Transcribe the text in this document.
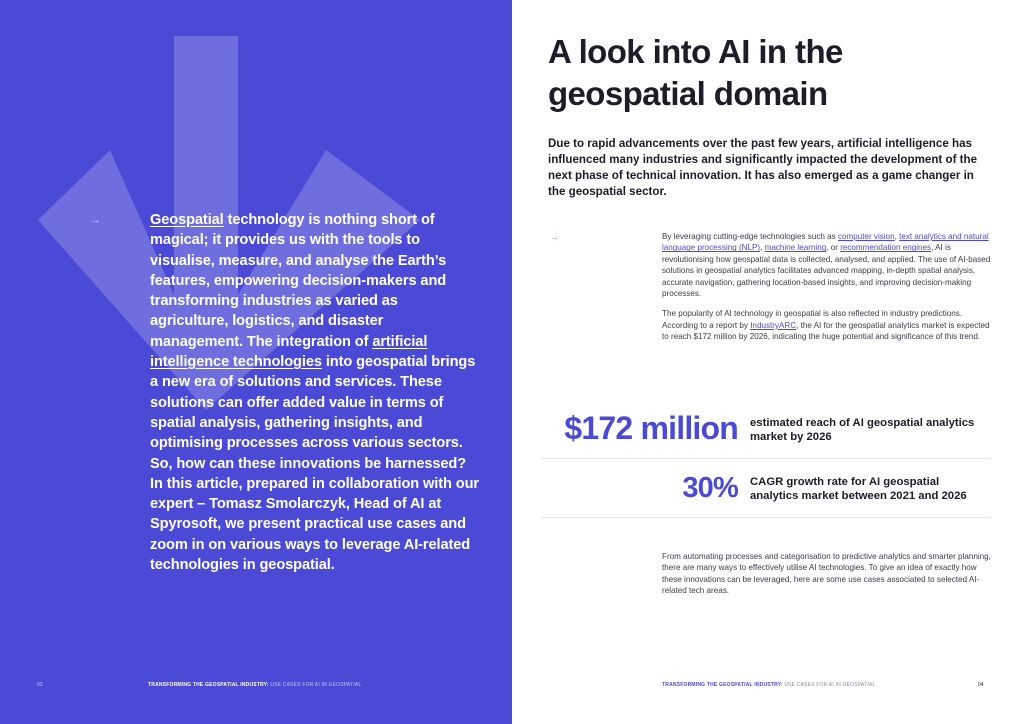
→	Geospatial technology is nothing short of magical; it provides us with the tools to visualise, measure, and analyse the Earth’s features, empowering decision-makers and transforming industries as varied as agriculture, logistics, and disaster management. The integration of artificial intelligence technologies into geospatial brings a new era of solutions and services. These solutions can offer added value in terms of spatial analysis, gathering insights, and optimising processes across various sectors. So, how can these innovations be harnessed?

In this article, prepared in collaboration with our expert – Tomasz Smolarczyk, Head of AI at Spyrosoft, we present practical use cases and zoom in on various ways to leverage AI-related technologies in geospatial.

03	TRANSFORMING THE GEOSPATIAL INDUSTRY: USE CASES FOR AI IN GEOSPATIAL
A look into AI in the geospatial domain

Due to rapid advancements over the past few years, artificial intelligence has influenced many industries and significantly impacted the development of the next phase of technical innovation. It has also emerged as a game changer in the geospatial sector.

→	By leveraging cutting-edge technologies such as computer vision, text analytics and natural language processing (NLP), machine learning, or recommendation engines, AI is revolutionising how geospatial data is collected, analysed, and applied. The use of AI-based solutions in geospatial analytics facilitates advanced mapping, in-depth spatial analysis, accurate navigation, gathering location-based insights, and improving decision-making processes.

The popularity of AI technology in geospatial is also reflected in industry predictions. According to a report by IndustryARC, the AI for the geospatial analytics market is expected to reach $172 million by 2026, indicating the huge potential and significance of this trend.

$172 million estimated reach of AI geospatial analytics market by 2026
30% CAGR growth rate for AI geospatial analytics market between 2021 and 2026

From automating processes and categorisation to predictive analytics and smarter planning, there are many ways to effectively utilise AI technologies. To give an idea of exactly how these innovations can be leveraged, here are some use cases associated to selected AI-related tech areas.

TRANSFORMING THE GEOSPATIAL INDUSTRY: USE CASES FOR AI IN GEOSPATIAL	04
